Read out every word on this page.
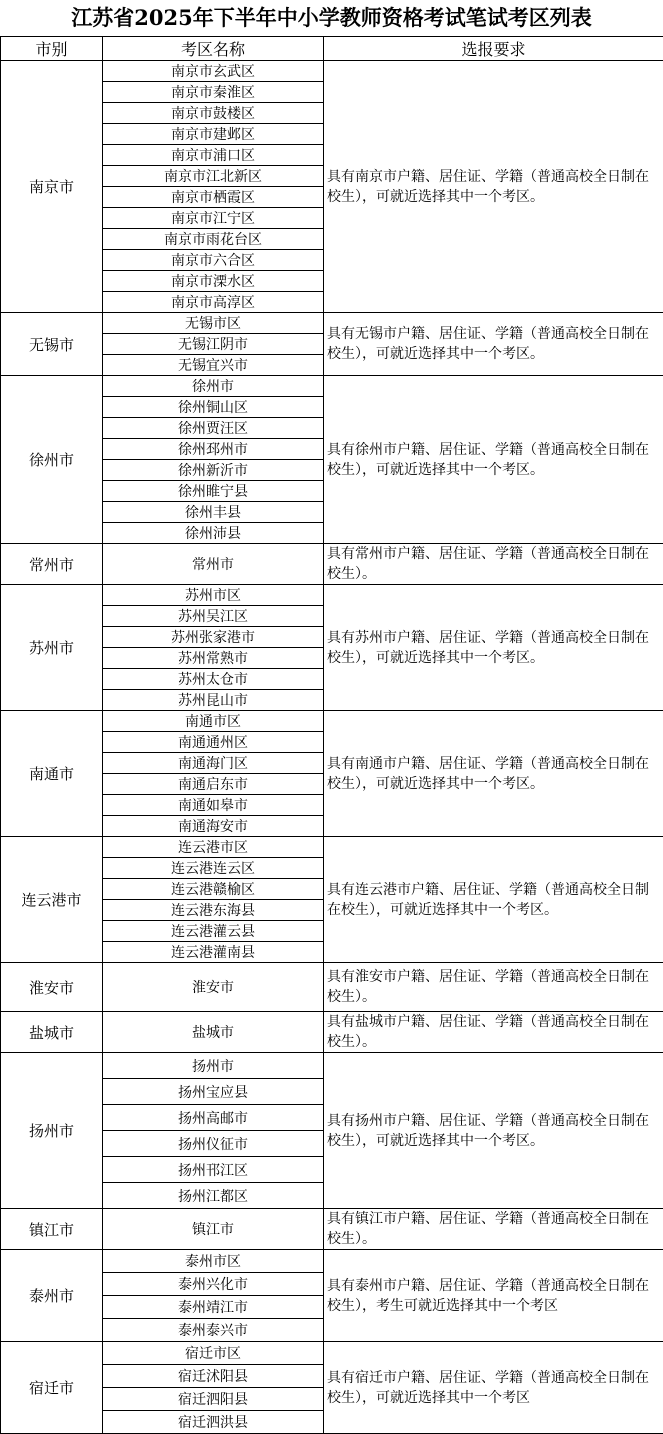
江苏省2025年下半年中小学教师资格考试笔试考区列表
市别	考区名称	选报要求
南京市	南京市玄武区	具有南京市户籍、居住证、学籍（普通高校全日制在校生），可就近选择其中一个考区。
	南京市秦淮区	
	南京市鼓楼区	
	南京市建邺区	
	南京市浦口区	
	南京市江北新区	
	南京市栖霞区	
	南京市江宁区	
	南京市雨花台区	
	南京市六合区	
	南京市溧水区	
	南京市高淳区	
无锡市	无锡市区	具有无锡市户籍、居住证、学籍（普通高校全日制在校生），可就近选择其中一个考区。
	无锡江阴市	
	无锡宜兴市	
徐州市	徐州市	具有徐州市户籍、居住证、学籍（普通高校全日制在校生），可就近选择其中一个考区。
	徐州铜山区	
	徐州贾汪区	
	徐州邳州市	
	徐州新沂市	
	徐州睢宁县	
	徐州丰县	
	徐州沛县	
常州市	常州市	具有常州市户籍、居住证、学籍（普通高校全日制在校生）。
苏州市	苏州市区	具有苏州市户籍、居住证、学籍（普通高校全日制在校生），可就近选择其中一个考区。
	苏州吴江区	
	苏州张家港市	
	苏州常熟市	
	苏州太仓市	
	苏州昆山市	
南通市	南通市区	具有南通市户籍、居住证、学籍（普通高校全日制在校生），可就近选择其中一个考区。
	南通通州区	
	南通海门区	
	南通启东市	
	南通如皋市	
	南通海安市	
连云港市	连云港市区	具有连云港市户籍、居住证、学籍（普通高校全日制在校生），可就近选择其中一个考区。
	连云港连云区	
	连云港赣榆区	
	连云港东海县	
	连云港灌云县	
	连云港灌南县	
淮安市	淮安市	具有淮安市户籍、居住证、学籍（普通高校全日制在校生）。
盐城市	盐城市	具有盐城市户籍、居住证、学籍（普通高校全日制在校生）。
扬州市	扬州市	具有扬州市户籍、居住证、学籍（普通高校全日制在校生），可就近选择其中一个考区。
	扬州宝应县	
	扬州高邮市	
	扬州仪征市	
	扬州邗江区	
	扬州江都区	
镇江市	镇江市	具有镇江市户籍、居住证、学籍（普通高校全日制在校生）。
泰州市	泰州市区	具有泰州市户籍、居住证、学籍（普通高校全日制在校生），考生可就近选择其中一个考区
	泰州兴化市	
	泰州靖江市	
	泰州泰兴市	
宿迁市	宿迁市区	具有宿迁市户籍、居住证、学籍（普通高校全日制在校生），可就近选择其中一个考区
	宿迁沭阳县	
	宿迁泗阳县	
	宿迁泗洪县	
